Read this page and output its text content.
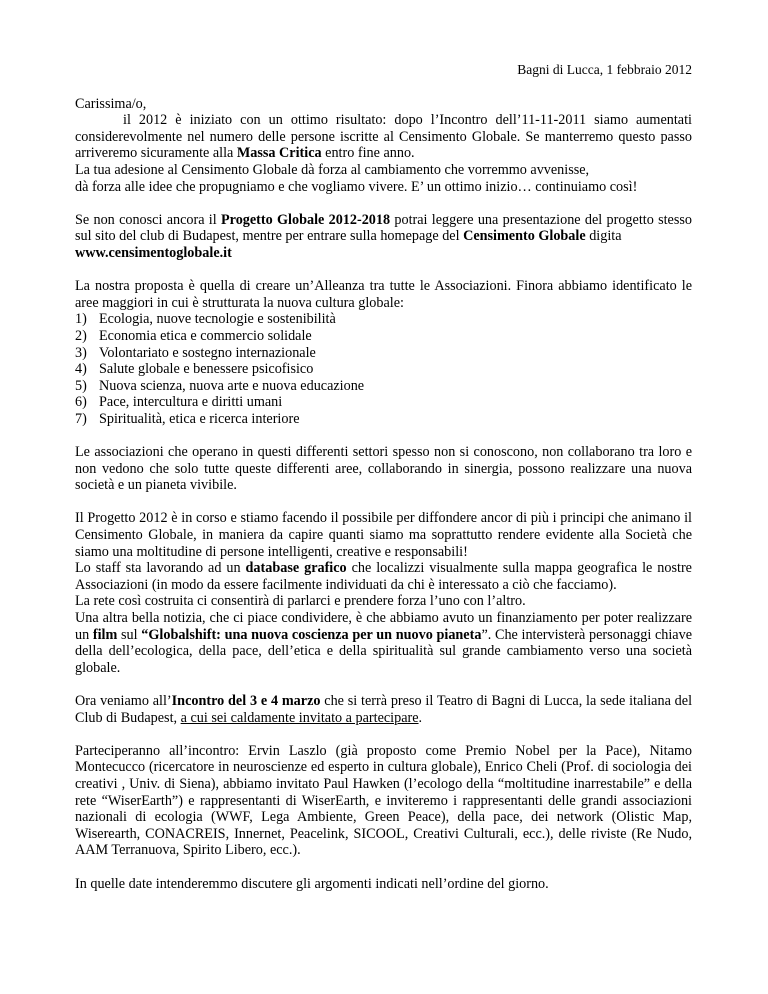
Bagni di Lucca, 1 febbraio 2012

Carissima/o,

il 2012 è iniziato con un ottimo risultato: dopo l’Incontro dell’11-11-2011 siamo aumentati considerevolmente nel numero delle persone iscritte al Censimento Globale. Se manterremo questo passo arriveremo sicuramente alla Massa Critica entro fine anno.

La tua adesione al Censimento Globale dà forza al cambiamento che vorremmo avvenisse,

dà forza alle idee che propugniamo e che vogliamo vivere. E’ un ottimo inizio… continuiamo così!

Se non conosci ancora il Progetto Globale 2012-2018 potrai leggere una presentazione del progetto stesso sul sito del club di Budapest, mentre per entrare sulla homepage del Censimento Globale digita

www.censimentoglobale.it

La nostra proposta è quella di creare un’Alleanza tra tutte le Associazioni. Finora abbiamo identificato le aree maggiori in cui è strutturata la nuova cultura globale:

1) Ecologia, nuove tecnologie e sostenibilità
2) Economia etica e commercio solidale
3) Volontariato e sostegno internazionale
4) Salute globale e benessere psicofisico
5) Nuova scienza, nuova arte e nuova educazione
6) Pace, intercultura e diritti umani
7) Spiritualità, etica e ricerca interiore

Le associazioni che operano in questi differenti settori spesso non si conoscono, non collaborano tra loro e non vedono che solo tutte queste differenti aree, collaborando in sinergia, possono realizzare una nuova società e un pianeta vivibile.

Il Progetto 2012 è in corso e stiamo facendo il possibile per diffondere ancor di più i principi che animano il Censimento Globale, in maniera da capire quanti siamo ma soprattutto rendere evidente alla Società che siamo una moltitudine di persone intelligenti, creative e responsabili!

Lo staff sta lavorando ad un database grafico che localizzi visualmente sulla mappa geografica le nostre Associazioni (in modo da essere facilmente individuati da chi è interessato a ciò che facciamo).

La rete così costruita ci consentirà di parlarci e prendere forza l’uno con l’altro.

Una altra bella notizia, che ci piace condividere, è che abbiamo avuto un finanziamento per poter realizzare un film sul “Globalshift: una nuova coscienza per un nuovo pianeta”. Che intervisterà personaggi chiave della dell’ecologica, della pace, dell’etica e della spiritualità sul grande cambiamento verso una società globale.

Ora veniamo all’Incontro del 3 e 4 marzo che si terrà preso il Teatro di Bagni di Lucca, la sede italiana del Club di Budapest, a cui sei caldamente invitato a partecipare.

Parteciperanno all’incontro: Ervin Laszlo (già proposto come Premio Nobel per la Pace), Nitamo Montecucco (ricercatore in neuroscienze ed esperto in cultura globale), Enrico Cheli (Prof. di sociologia dei creativi , Univ. di Siena), abbiamo invitato Paul Hawken (l’ecologo della “moltitudine inarrestabile” e della rete “WiserEarth”) e rappresentanti di WiserEarth, e inviteremo i rappresentanti delle grandi associazioni nazionali di ecologia (WWF, Lega Ambiente, Green Peace), della pace, dei network (Olistic Map, Wiserearth, CONACREIS, Innernet, Peacelink, SICOOL, Creativi Culturali, ecc.), delle riviste (Re Nudo, AAM Terranuova, Spirito Libero, ecc.).

In quelle date intenderemmo discutere gli argomenti indicati nell’ordine del giorno.
